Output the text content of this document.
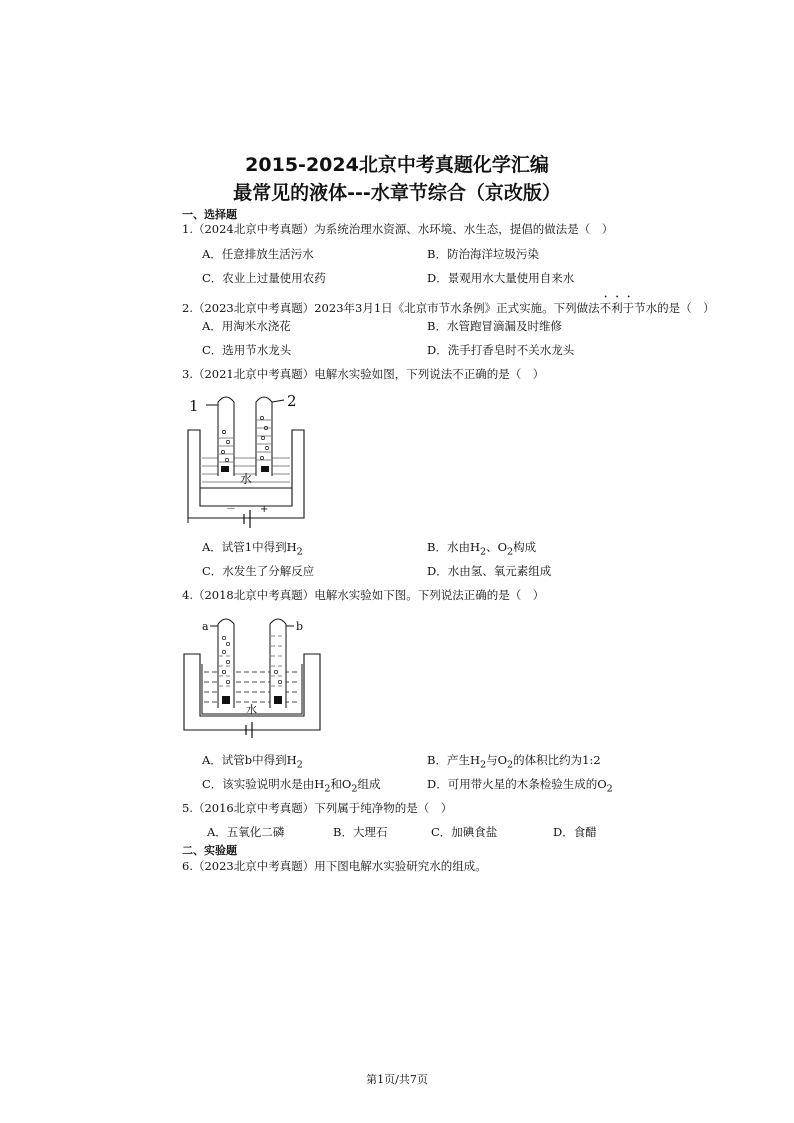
2015-2024北京中考真题化学汇编
最常见的液体---水章节综合（京改版）
一、选择题
1.（2024北京中考真题）为系统治理水资源、水环境、水生态，提倡的做法是（　）
A．任意排放生活污水	B．防治海洋垃圾污染
C．农业上过量使用农药	D．景观用水大量使用自来水
2.（2023北京中考真题）2023年3月1日《北京市节水条例》正式实施。下列做法不利于节水的是（　）
A．用淘米水浇花	B．水管跑冒滴漏及时维修
C．选用节水龙头	D．洗手打香皂时不关水龙头
3.（2021北京中考真题）电解水实验如图，下列说法不正确的是（　）
1	2
水
－ +
A．试管1中得到$H_2$	B．水由$H_2$、$O_2$构成
C．水发生了分解反应	D．水由氢、氧元素组成
4.（2018北京中考真题）电解水实验如下图。下列说法正确的是（　）
a	b
水
A．试管b中得到$H_2$	B．产生$H_2$与$O_2$的体积比约为1:2
C．该实验说明水是由$H_2$和$O_2$组成	D．可用带火星的木条检验生成的$O_2$
5.（2016北京中考真题）下列属于纯净物的是（　）
A．五氧化二磷	B．大理石	C．加碘食盐	D．食醋
二、实验题
6.（2023北京中考真题）用下图电解水实验研究水的组成。
第1页/共7页
